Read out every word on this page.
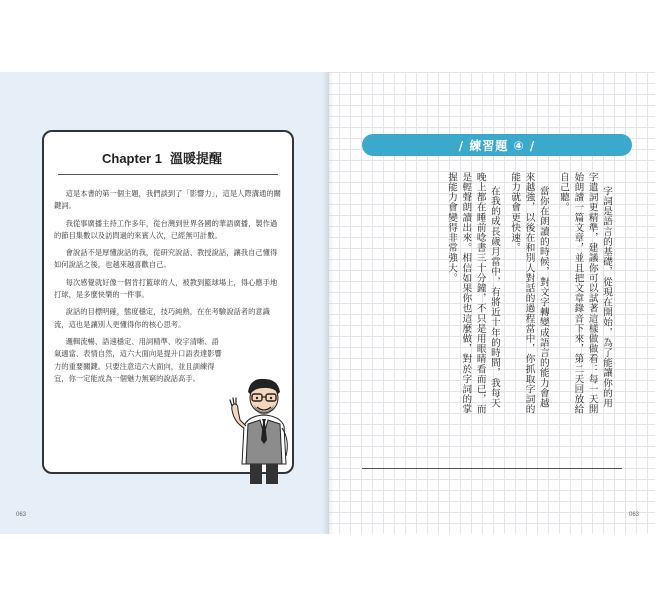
Chapter 1 溫暖提醒

這是本書的第一個主題，我們談到了「影響力」，這是人際溝通的關鍵詞。

我從事廣播主持工作多年，從台灣到世界各國的華語廣播，製作過的節目集數以及訪問過的來賓人次，已經無可計數。

會說話不是厚懂說話的我，從研究說話、教授說話，讓我自己懂得如何說話之後，也越來越喜歡自己。

每次感覺就好像一個肯打籃球的人，被教到籃球場上，得心應手地打球，是多麼快樂的一件事。

說話的目標明確，態度穩定，技巧純熟，在在考驗說話者的意識流，這也是讓別人更懂得你的核心思考。

邏輯流暢、語速穩定、用詞精準、咬字清晰、語氣適當、表情自然，這六大面向是提升口語表達影響力的重要關鍵。只要注意這六大面向，並且訓練得宜，你一定能成為一個魅力無窮的說話高手。

063
/ 練習題 ④ /

字詞是語言的基礎，從現在開始，為了能讓你的用字遣詞更精準，建議你可以試著這樣做做看：每一天開始朗讀一篇文章，並且把文章錄音下來，第二天回放給自己聽。

當你在朗讀的時候，對文字轉變成語言的能力會越來越強，以後在和別人對話的過程當中，你抓取字詞的能力就會更快速。

在我的成長歲月當中，有將近十年的時間，我每天晚上都在睡前唸書三十分鐘，不只是用眼睛看而已，而是輕聲朗讀出來。相信如果你也這麼做，對於字詞的掌握能力會變得非常強大。

063
